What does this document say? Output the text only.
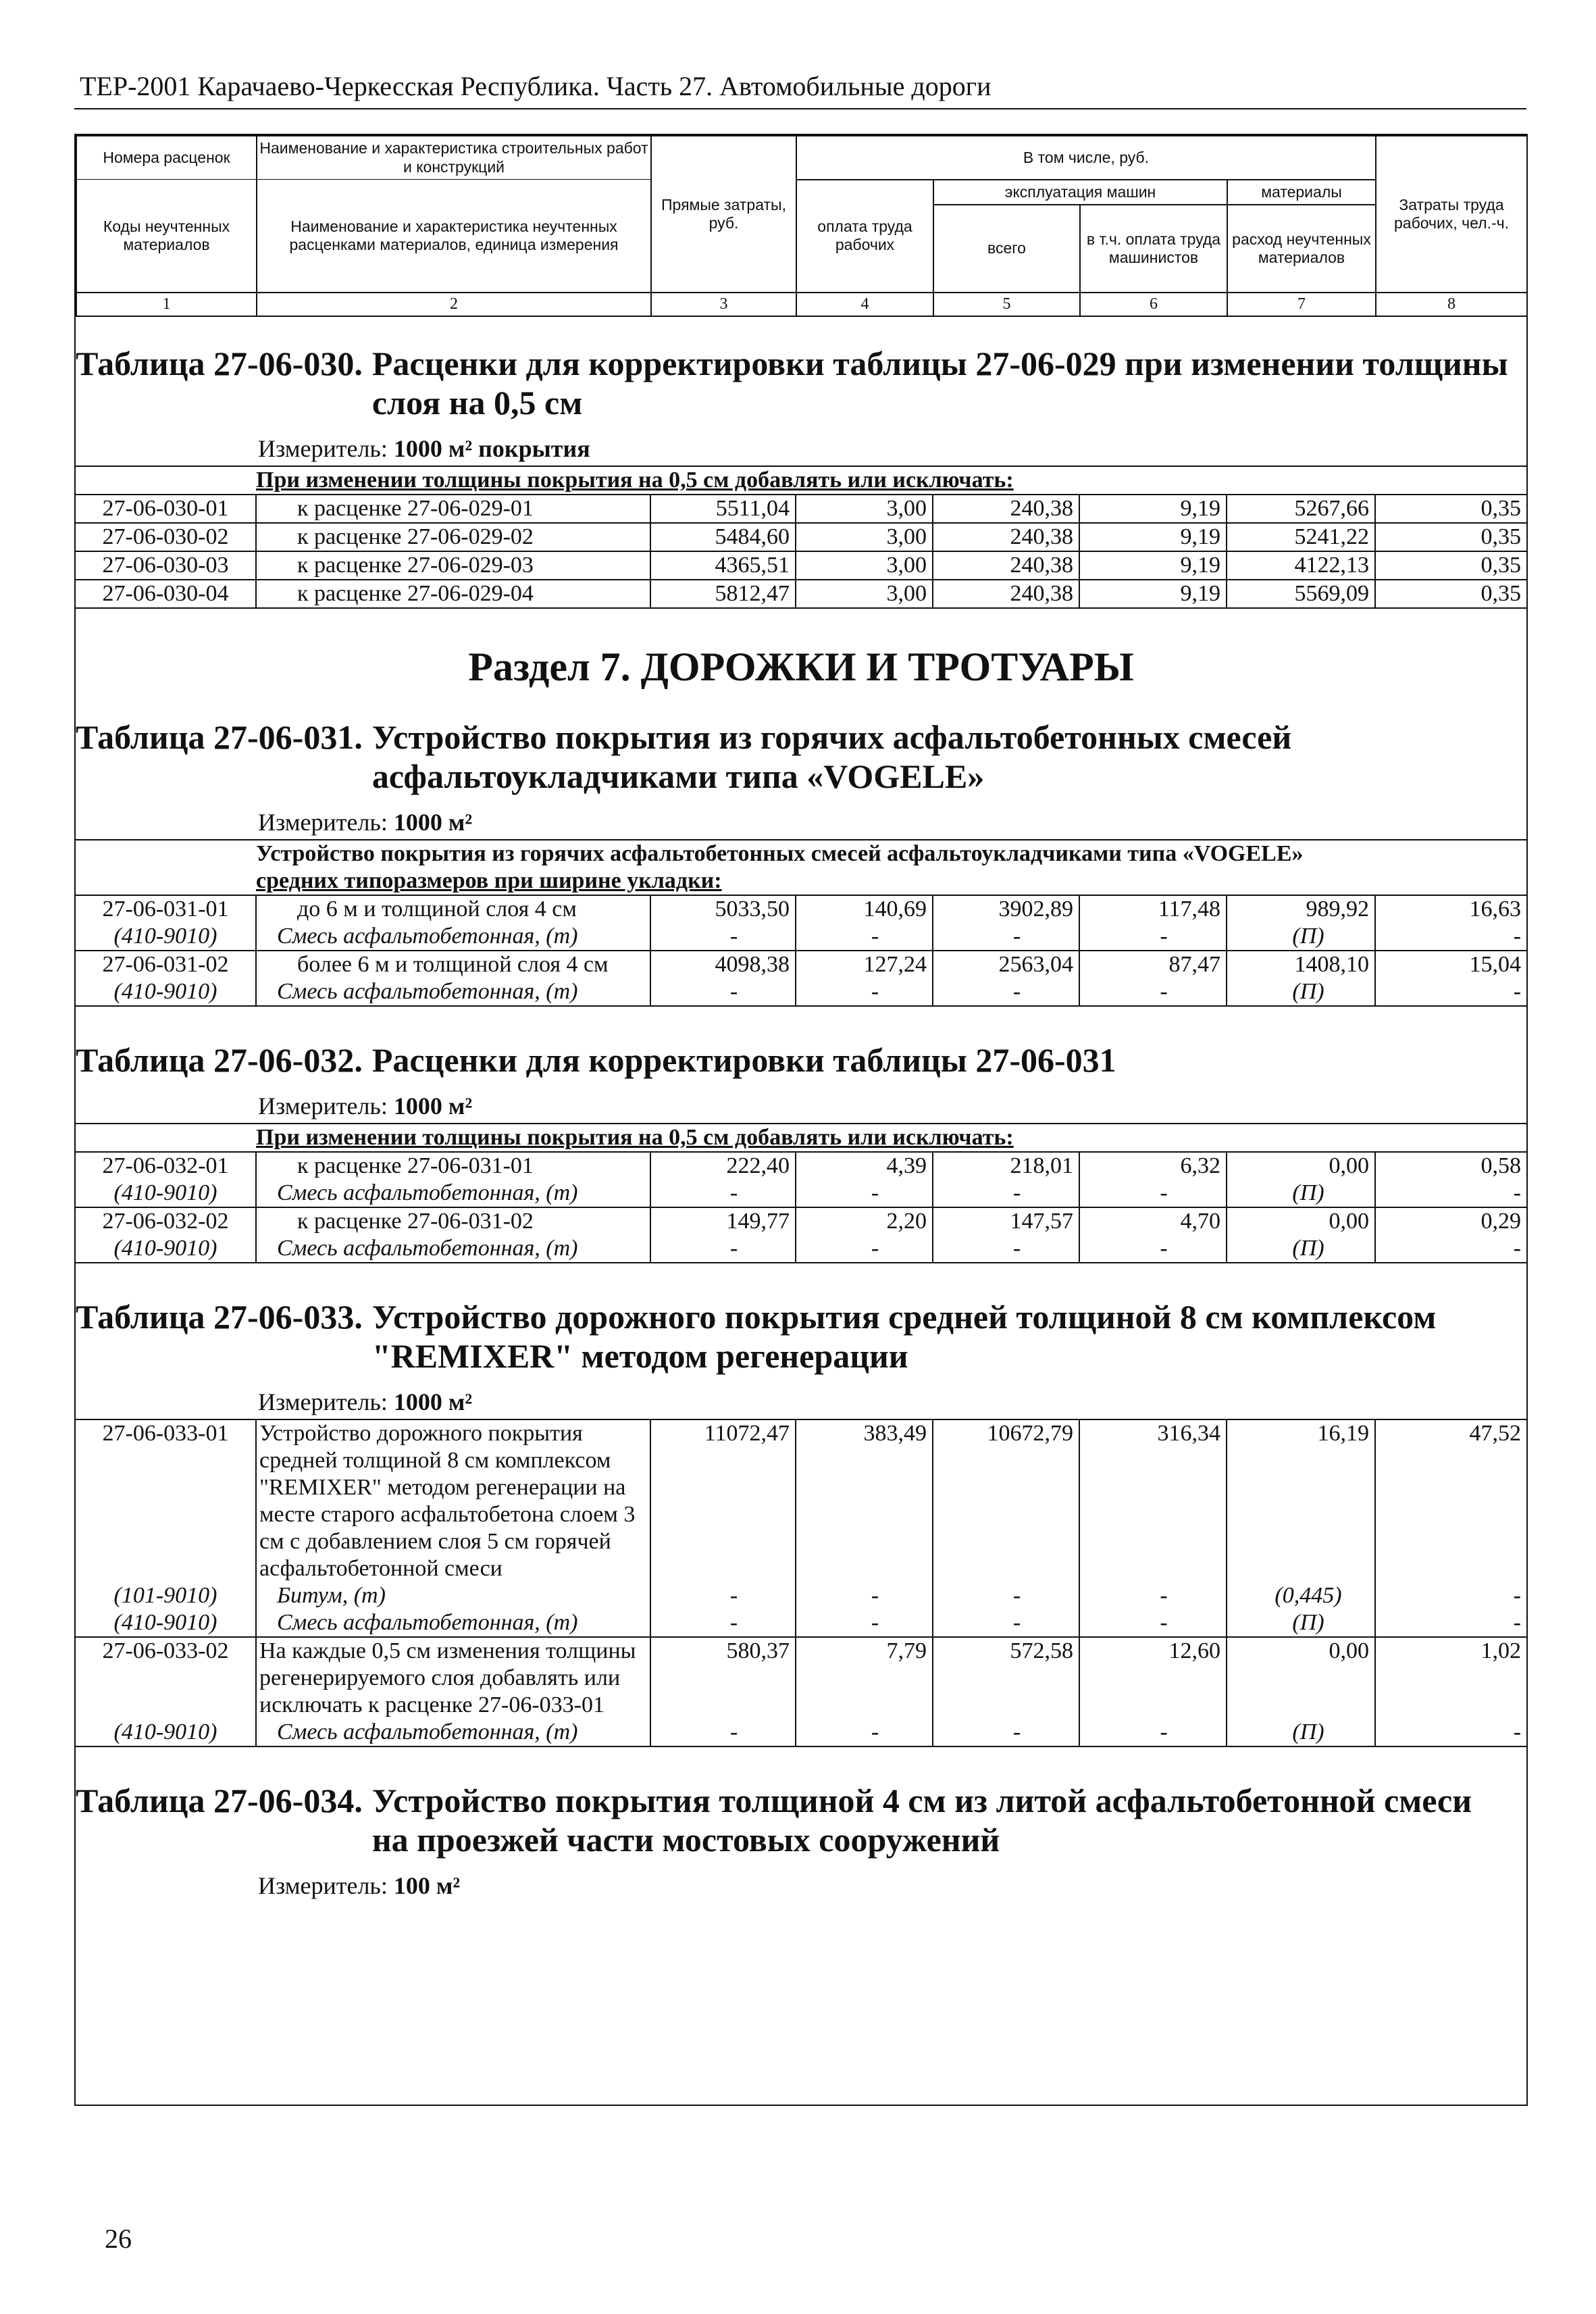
ТЕР-2001 Карачаево-Черкесская Республика. Часть 27. Автомобильные дороги
Номера расценок	Наименование и характеристика строительных работ и конструкций	Прямые затраты, руб.	В том числе, руб.				Затраты труда рабочих, чел.-ч.
Коды неучтенных материалов	Наименование и характеристика неучтенных расценками материалов, единица измерения		оплата труда рабочих	эксплуатация машин		материалы	
				всего	в т.ч. оплата труда машинистов	расход неучтенных материалов	

1	2	3	4	5	6	7	8
Таблица 27-06-030. Расценки для корректировки таблицы 27-06-029 при изменении толщины слоя на 0,5 см
Измеритель: 1000 м² покрытия
	При изменении толщины покрытия на 0,5 см добавлять или исключать:						
27-06-030-01	к расценке 27-06-029-01	5511,04	3,00	240,38	9,19	5267,66	0,35
27-06-030-02	к расценке 27-06-029-02	5484,60	3,00	240,38	9,19	5241,22	0,35
27-06-030-03	к расценке 27-06-029-03	4365,51	3,00	240,38	9,19	4122,13	0,35
27-06-030-04	к расценке 27-06-029-04	5812,47	3,00	240,38	9,19	5569,09	0,35
Раздел 7. ДОРОЖКИ И ТРОТУАРЫ
Таблица 27-06-031. Устройство покрытия из горячих асфальтобетонных смесей асфальтоукладчиками типа «VOGELE»
Измеритель: 1000 м²
	Устройство покрытия из горячих асфальтобетонных смесей асфальтоукладчиками типа «VOGELE»						
	средних типоразмеров при ширине укладки:						
27-06-031-01	до 6 м и толщиной слоя 4 см	5033,50	140,69	3902,89	117,48	989,92	16,63
(410-9010)	Смесь асфальтобетонная, (т)	-	-	-	-	(П)	-
27-06-031-02	более 6 м и толщиной слоя 4 см	4098,38	127,24	2563,04	87,47	1408,10	15,04
(410-9010)	Смесь асфальтобетонная, (т)	-	-	-	-	(П)	-
Таблица 27-06-032. Расценки для корректировки таблицы 27-06-031
Измеритель: 1000 м²
	При изменении толщины покрытия на 0,5 см добавлять или исключать:						
27-06-032-01	к расценке 27-06-031-01	222,40	4,39	218,01	6,32	0,00	0,58
(410-9010)	Смесь асфальтобетонная, (т)	-	-	-	-	(П)	-
27-06-032-02	к расценке 27-06-031-02	149,77	2,20	147,57	4,70	0,00	0,29
(410-9010)	Смесь асфальтобетонная, (т)	-	-	-	-	(П)	-
Таблица 27-06-033. Устройство дорожного покрытия средней толщиной 8 см комплексом "REMIXER" методом регенерации
Измеритель: 1000 м²
27-06-033-01	Устройство дорожного покрытия средней толщиной 8 см комплексом "REMIXER" методом регенерации на месте старого асфальтобетона слоем 3 см с добавлением слоя 5 см горячей асфальтобетонной смеси	11072,47	383,49	10672,79	316,34	16,19	47,52
(101-9010)	Битум, (т)	-	-	-	-	(0,445)	-
(410-9010)	Смесь асфальтобетонная, (т)	-	-	-	-	(П)	-
27-06-033-02	На каждые 0,5 см изменения толщины регенерируемого слоя добавлять или исключать к расценке 27-06-033-01	580,37	7,79	572,58	12,60	0,00	1,02
(410-9010)	Смесь асфальтобетонная, (т)	-	-	-	-	(П)	-
Таблица 27-06-034. Устройство покрытия толщиной 4 см из литой асфальтобетонной смеси на проезжей части мостовых сооружений
Измеритель: 100 м²
26
